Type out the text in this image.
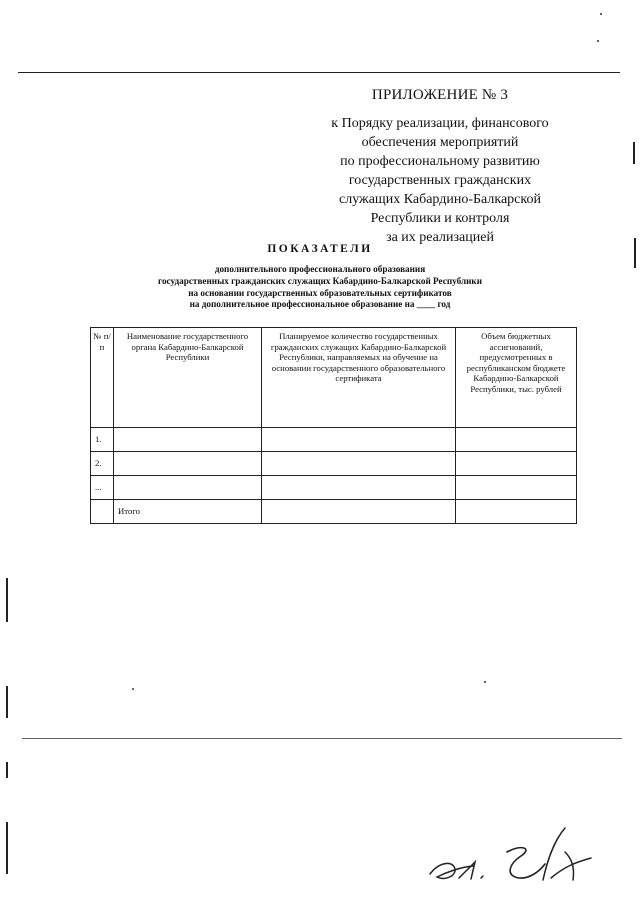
ПРИЛОЖЕНИЕ № 3
к Порядку реализации, финансового
обеспечения мероприятий
по профессиональному развитию
государственных гражданских
служащих Кабардино-Балкарской
Республики и контроля
за их реализацией
ПОКАЗАТЕЛИ
дополнительного профессионального образования
государственных гражданских служащих Кабардино-Балкарской Республики
на основании государственных образовательных сертификатов
на дополнительное профессиональное образование на ____ год
№ п/п	Наименование государственного органа Кабардино-Балкарской Республики	Планируемое количество государственных гражданских служащих Кабардино-Балкарской Республики, направляемых на обучение на основании государственного образовательного сертификата	Объем бюджетных ассигнований, предусмотренных в республиканском бюджете Кабардино-Балкарской Республики, тыс. рублей
1.			
2.			
...			
	Итого		
